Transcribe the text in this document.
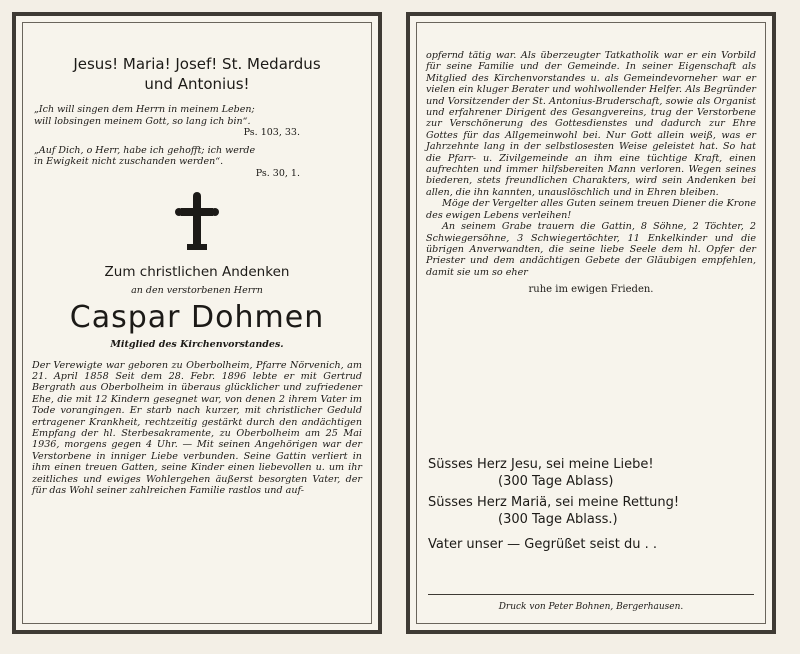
Jesus! Maria! Josef! St. Medardus
und Antonius!
„Ich will singen dem Herrn in meinem Leben;
will lobsingen meinem Gott, so lang ich bin“.
Ps. 103, 33.
„Auf Dich, o Herr, habe ich gehofft; ich werde
in Ewigkeit nicht zuschanden werden“.
Ps. 30, 1.
Zum christlichen Andenken
an den verstorbenen Herrn
Caspar Dohmen
Mitglied des Kirchenvorstandes.
Der Verewigte war geboren zu Oberbolheim, Pfarre Nörvenich, am 21. April 1858 Seit dem 28. Febr. 1896 lebte er mit Gertrud Bergrath aus Oberbolheim in überaus glücklicher und zufriedener Ehe, die mit 12 Kindern gesegnet war, von denen 2 ihrem Vater im Tode vorangingen. Er starb nach kurzer, mit christlicher Geduld ertragener Krankheit, rechtzeitig gestärkt durch den andächtigen Empfang der hl. Sterbesakramente, zu Oberbolheim am 25 Mai 1936, morgens gegen 4 Uhr. — Mit seinen Angehörigen war der Verstorbene in inniger Liebe verbunden. Seine Gattin verliert in ihm einen treuen Gatten, seine Kinder einen liebevollen u. um ihr zeitliches und ewiges Wohlergehen äußerst besorgten Vater, der für das Wohl seiner zahlreichen Familie rastlos und auf-
opfernd tätig war. Als überzeugter Tatkatholik war er ein Vorbild für seine Familie und der Gemeinde. In seiner Eigenschaft als Mitglied des Kirchenvorstandes u. als Gemeindevorneher war er vielen ein kluger Berater und wohlwollender Helfer. Als Begründer und Vorsitzender der St. Antonius-Bruderschaft, sowie als Organist und erfahrener Dirigent des Gesangvereins, trug der Verstorbene zur Verschönerung des Gottesdienstes und dadurch zur Ehre Gottes für das Allgemeinwohl bei. Nur Gott allein weiß, was er Jahrzehnte lang in der selbstlosesten Weise geleistet hat. So hat die Pfarr- u. Zivilgemeinde an ihm eine tüchtige Kraft, einen aufrechten und immer hilfsbereiten Mann verloren. Wegen seines biederen, stets freundlichen Charakters, wird sein Andenken bei allen, die ihn kannten, unauslöschlich und in Ehren bleiben.
Möge der Vergelter alles Guten seinem treuen Diener die Krone des ewigen Lebens verleihen!
An seinem Grabe trauern die Gattin, 8 Söhne, 2 Töchter, 2 Schwiegersöhne, 3 Schwiegertöchter, 11 Enkelkinder und die übrigen Anverwandten, die seine liebe Seele dem hl. Opfer der Priester und dem andächtigen Gebete der Gläubigen empfehlen, damit sie um so eher
ruhe im ewigen Frieden.
Süsses Herz Jesu, sei meine Liebe!
(300 Tage Ablass)
Süsses Herz Mariä, sei meine Rettung!
(300 Tage Ablass.)
Vater unser — Gegrüßet seist du . .
Druck von Peter Bohnen, Bergerhausen.
